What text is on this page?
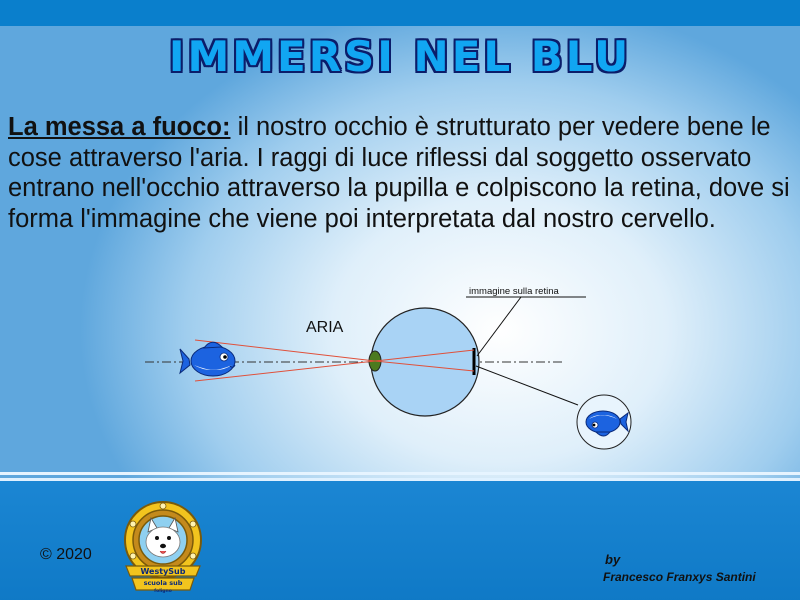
IMMERSI NEL BLU

La messa a fuoco: il nostro occhio è strutturato per vedere bene le cose attraverso l'aria. I raggi di luce riflessi dal soggetto osservato entrano nell'occhio attraverso la pupilla e colpiscono la retina, dove si forma l'immagine che viene poi interpretata dal nostro cervello.

ARIA
immagine sulla retina
© 2020
WestySub
scuola sub
foligno
by
Francesco Franxys Santini
